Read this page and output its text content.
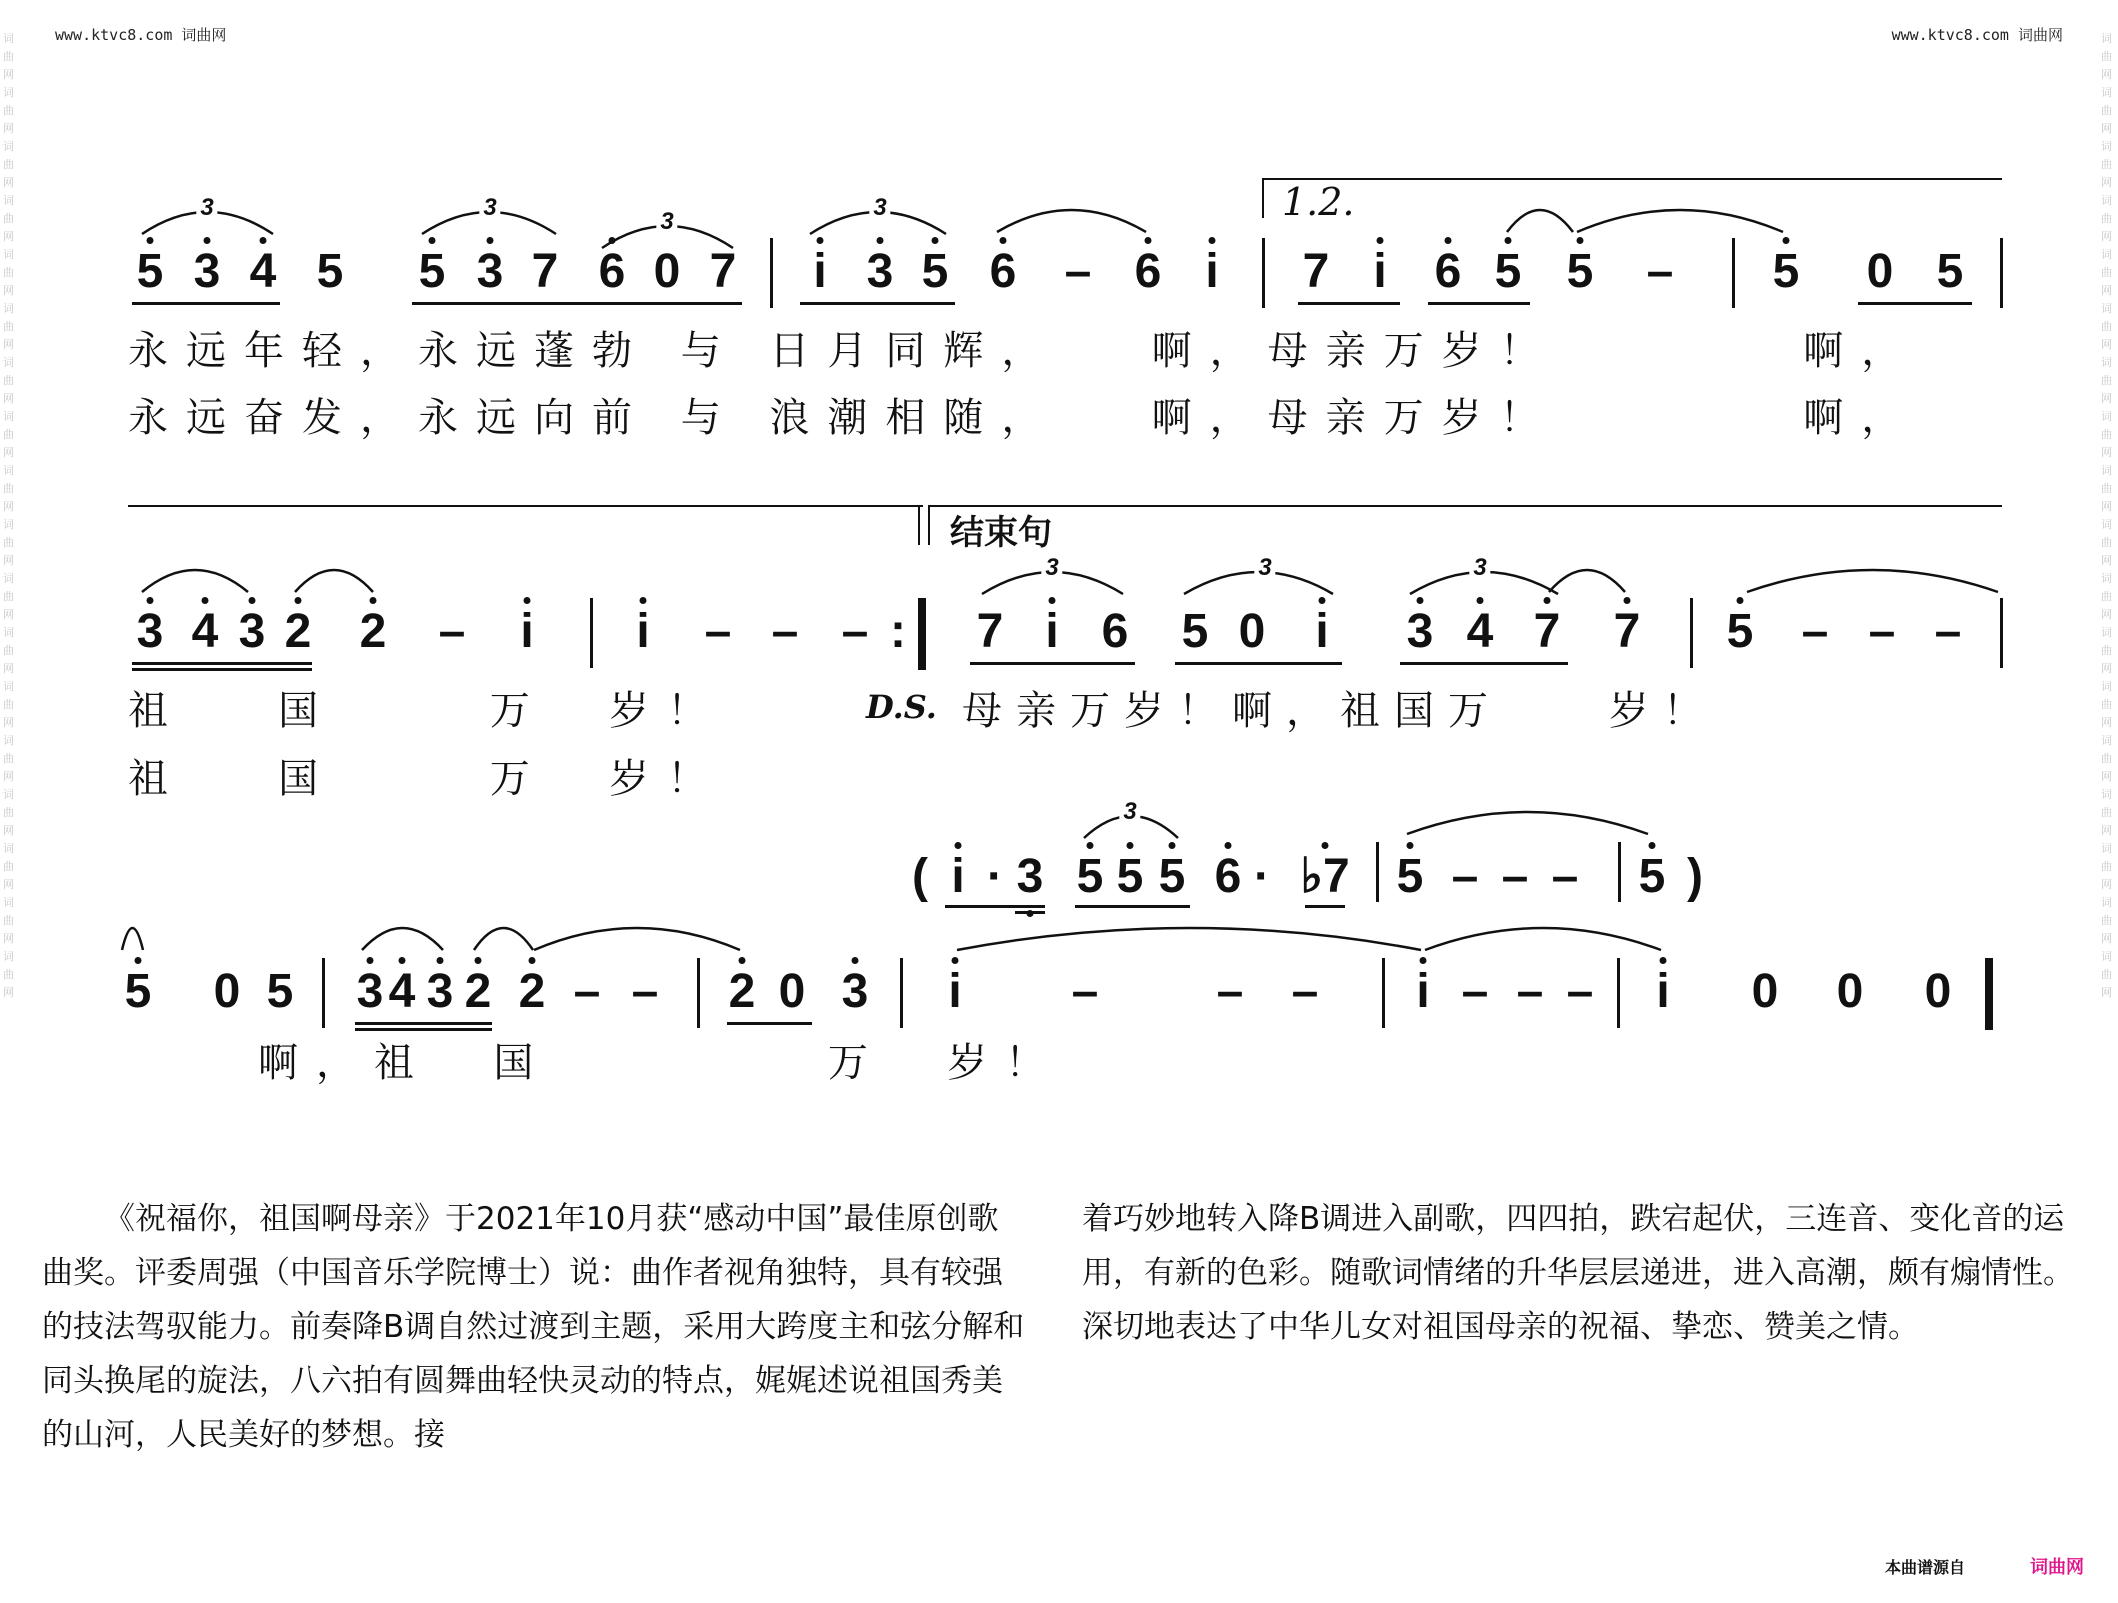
www.ktvc8.com 词曲网	www.ktvc8.com 词曲网
词曲网词曲网词曲网词曲网词曲网词曲网词曲网词曲网词曲网词曲网词曲网词曲网词曲网词曲网词曲网词曲网词曲网词曲网
词曲网词曲网词曲网词曲网词曲网词曲网词曲网词曲网词曲网词曲网词曲网词曲网词曲网词曲网词曲网词曲网词曲网词曲网
1.2.
结束句
D.S.
永远年轻，永远蓬勃 与 日月同辉，   啊，母亲万岁！        啊，
永远奋发，永远向前 与 浪潮相随，   啊，母亲万岁！        啊，
祖   国     万  岁！	母亲万岁！啊，祖国万    岁！
祖   国     万  岁！
啊，祖  国         万  岁！
5 3 4 5 5 3 7 6 0 7 i 3 5 6 – 6 i 7 i 6 5 5 – 5 0 5
3	3
3
3
3 4 3 2 2 – i i – – – : 7 i 6 5 0 i 3 4 7 7 5 – – –
3	3	3
( i · 3 5 5 5 6 · ♭7 5 – – – 5 )
3
5 0 5 3 4 3 2 2 – – 2 0 3 i – – – i – – – i 0 0 0
《祝福你，祖国啊母亲》于2021年10月获“感动中国”最佳原创歌曲奖。评委周强（中国音乐学院博士）说：曲作者视角独特，具有较强的技法驾驭能力。前奏降B调自然过渡到主题，采用大跨度主和弦分解和同头换尾的旋法，八六拍有圆舞曲轻快灵动的特点，娓娓述说祖国秀美的山河，人民美好的梦想。接
着巧妙地转入降B调进入副歌，四四拍，跌宕起伏，三连音、变化音的运用，有新的色彩。随歌词情绪的升华层层递进，进入高潮，颇有煽情性。深切地表达了中华儿女对祖国母亲的祝福、挚恋、赞美之情。
本曲谱源自	词曲网
